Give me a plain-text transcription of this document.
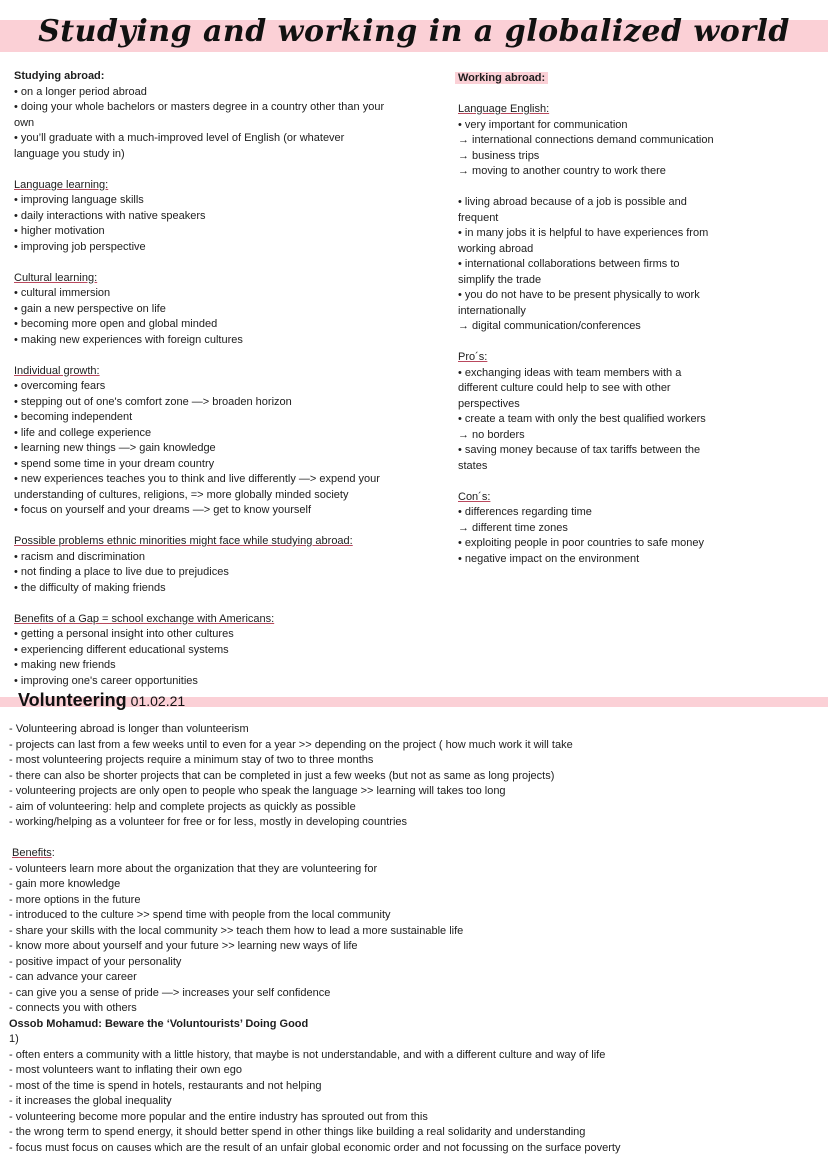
Studying and working in a globalized world
Studying abroad:
• on a longer period abroad
• doing your whole bachelors or masters degree in a country other than your
own
• you’ll graduate with a much-improved level of English (or whatever
language you study in)
Language learning:
• improving language skills
• daily interactions with native speakers
• higher motivation
• improving job perspective
Cultural learning:
• cultural immersion
• gain a new perspective on life
• becoming more open and global minded
• making new experiences with foreign cultures
Individual growth:
• overcoming fears
• stepping out of one's comfort zone —> broaden horizon
• becoming independent
• life and college experience
• learning new things —> gain knowledge
• spend some time in your dream country
• new experiences teaches you to think and live differently —> expend your
understanding of cultures, religions, => more globally minded society
• focus on yourself and your dreams —> get to know yourself
Possible problems ethnic minorities might face while studying abroad:
• racism and discrimination
• not finding a place to live due to prejudices
• the difficulty of making friends
Benefits of a Gap = school exchange with Americans:
• getting a personal insight into other cultures
• experiencing different educational systems
• making new friends
• improving one's career opportunities
Working abroad:
Language English:
• very important for communication
→ international connections demand communication
→ business trips
→ moving to another country to work there
• living abroad because of a job is possible and
frequent
• in many jobs it is helpful to have experiences from
working abroad
• international collaborations between firms to
simplify the trade
• you do not have to be present physically to work
internationally
→ digital communication/conferences
Pro´s:
• exchanging ideas with team members with a
different culture could help to see with other
perspectives
• create a team with only the best qualified workers
→ no borders
• saving money because of tax tariffs between the
states
Con´s:
• differences regarding time
→ different time zones
• exploiting people in poor countries to safe money
• negative impact on the environment
Volunteering 01.02.21
- Volunteering abroad is longer than volunteerism
- projects can last from a few weeks until to even for a year >> depending on the project ( how much work it will take
- most volunteering projects require a minimum stay of two to three months
- there can also be shorter projects that can be completed in just a few weeks (but not as same as long projects)
- volunteering projects are only open to people who speak the language >> learning will takes too long
- aim of volunteering: help and complete projects as quickly as possible
- working/helping as a volunteer for free or for less, mostly in developing countries
Benefits:
- volunteers learn more about the organization that they are volunteering for
- gain more knowledge
- more options in the future
- introduced to the culture >> spend time with people from the local community
- share your skills with the local community >> teach them how to lead a more sustainable life
- know more about yourself and your future >> learning new ways of life
- positive impact of your personality
- can advance your career
- can give you a sense of pride —> increases your self confidence
- connects you with others
Ossob Mohamud: Beware the ‘Voluntourists’ Doing Good
1)
- often enters a community with a little history, that maybe is not understandable, and with a different culture and way of life
- most volunteers want to inflating their own ego
- most of the time is spend in hotels, restaurants and not helping
- it increases the global inequality
- volunteering become more popular and the entire industry has sprouted out from this
- the wrong term to spend energy, it should better spend in other things like building a real solidarity and understanding
- focus must focus on causes which are the result of an unfair global economic order and not focussing on the surface poverty
